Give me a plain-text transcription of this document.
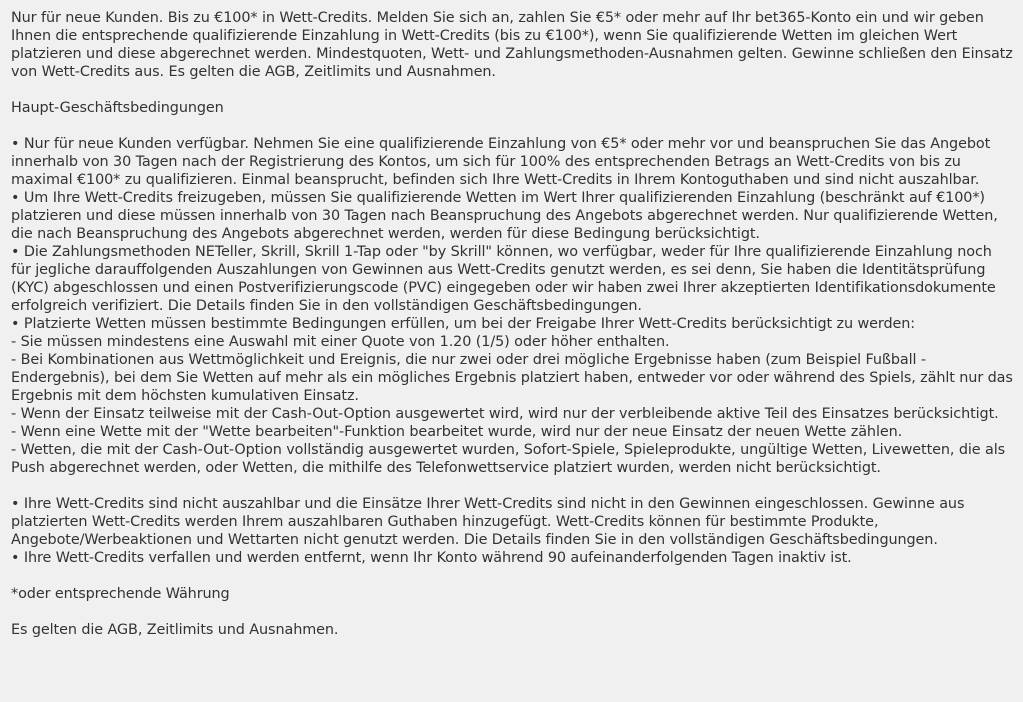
Nur für neue Kunden. Bis zu €100* in Wett-Credits. Melden Sie sich an, zahlen Sie €5* oder mehr auf Ihr bet365-Konto ein und wir geben Ihnen die entsprechende qualifizierende Einzahlung in Wett-Credits (bis zu €100*), wenn Sie qualifizierende Wetten im gleichen Wert platzieren und diese abgerechnet werden. Mindestquoten, Wett- und Zahlungsmethoden-Ausnahmen gelten. Gewinne schließen den Einsatz von Wett-Credits aus. Es gelten die AGB, Zeitlimits und Ausnahmen.

Haupt-Geschäftsbedingungen

• Nur für neue Kunden verfügbar. Nehmen Sie eine qualifizierende Einzahlung von €5* oder mehr vor und beanspruchen Sie das Angebot innerhalb von 30 Tagen nach der Registrierung des Kontos, um sich für 100% des entsprechenden Betrags an Wett-Credits von bis zu maximal €100* zu qualifizieren. Einmal beansprucht, befinden sich Ihre Wett-Credits in Ihrem Kontoguthaben und sind nicht auszahlbar.

• Um Ihre Wett-Credits freizugeben, müssen Sie qualifizierende Wetten im Wert Ihrer qualifizierenden Einzahlung (beschränkt auf €100*) platzieren und diese müssen innerhalb von 30 Tagen nach Beanspruchung des Angebots abgerechnet werden. Nur qualifizierende Wetten, die nach Beanspruchung des Angebots abgerechnet werden, werden für diese Bedingung berücksichtigt.

• Die Zahlungsmethoden NETeller, Skrill, Skrill 1-Tap oder "by Skrill" können, wo verfügbar, weder für Ihre qualifizierende Einzahlung noch für jegliche darauffolgenden Auszahlungen von Gewinnen aus Wett-Credits genutzt werden, es sei denn, Sie haben die Identitätsprüfung (KYC) abgeschlossen und einen Postverifizierungscode (PVC) eingegeben oder wir haben zwei Ihrer akzeptierten Identifikationsdokumente erfolgreich verifiziert. Die Details finden Sie in den vollständigen Geschäftsbedingungen.

• Platzierte Wetten müssen bestimmte Bedingungen erfüllen, um bei der Freigabe Ihrer Wett-Credits berücksichtigt zu werden:

- Sie müssen mindestens eine Auswahl mit einer Quote von 1.20 (1/5) oder höher enthalten.

- Bei Kombinationen aus Wettmöglichkeit und Ereignis, die nur zwei oder drei mögliche Ergebnisse haben (zum Beispiel Fußball - Endergebnis), bei dem Sie Wetten auf mehr als ein mögliches Ergebnis platziert haben, entweder vor oder während des Spiels, zählt nur das Ergebnis mit dem höchsten kumulativen Einsatz.

- Wenn der Einsatz teilweise mit der Cash-Out-Option ausgewertet wird, wird nur der verbleibende aktive Teil des Einsatzes berücksichtigt.

- Wenn eine Wette mit der "Wette bearbeiten"-Funktion bearbeitet wurde, wird nur der neue Einsatz der neuen Wette zählen.

- Wetten, die mit der Cash-Out-Option vollständig ausgewertet wurden, Sofort-Spiele, Spieleprodukte, ungültige Wetten, Livewetten, die als Push abgerechnet werden, oder Wetten, die mithilfe des Telefonwettservice platziert wurden, werden nicht berücksichtigt.

• Ihre Wett-Credits sind nicht auszahlbar und die Einsätze Ihrer Wett-Credits sind nicht in den Gewinnen eingeschlossen. Gewinne aus platzierten Wett-Credits werden Ihrem auszahlbaren Guthaben hinzugefügt. Wett-Credits können für bestimmte Produkte, Angebote/Werbeaktionen und Wettarten nicht genutzt werden. Die Details finden Sie in den vollständigen Geschäftsbedingungen.

• Ihre Wett-Credits verfallen und werden entfernt, wenn Ihr Konto während 90 aufeinanderfolgenden Tagen inaktiv ist.

*oder entsprechende Währung

Es gelten die AGB, Zeitlimits und Ausnahmen.
